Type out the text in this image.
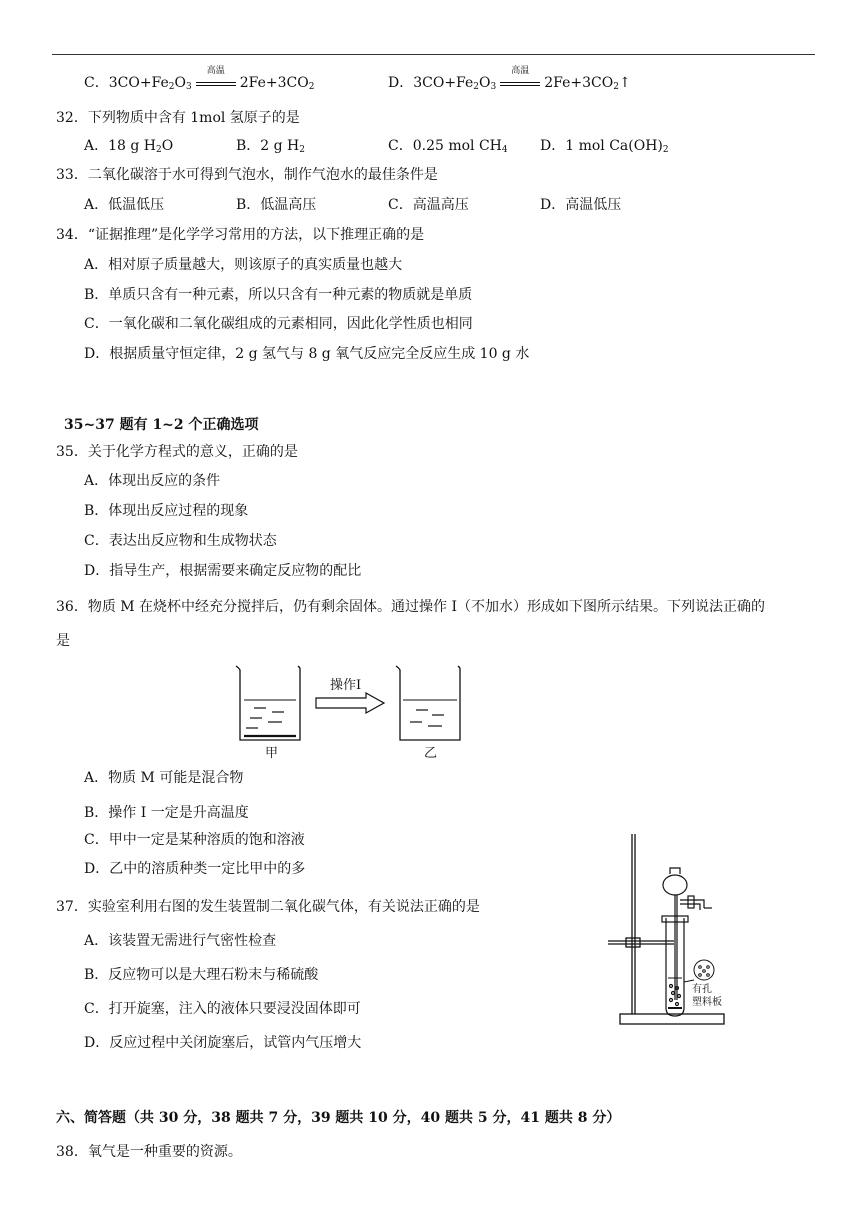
C．$3CO+Fe_2O_3$
高温
$2Fe+3CO_2$	D．$3CO+Fe_2O_3$
高温
$2Fe+3CO_2↑$
32．下列物质中含有 1mol 氢原子的是
A．18 g $H_2O$	B．2 g $H_2$	C．0.25 mol $CH_4$ D．1 mol $Ca(OH)_2$
33．二氧化碳溶于水可得到气泡水，制作气泡水的最佳条件是
A．低温低压	B．低温高压	C．高温高压	D．高温低压
34．“证据推理”是化学学习常用的方法，以下推理正确的是
A．相对原子质量越大，则该原子的真实质量也越大
B．单质只含有一种元素，所以只含有一种元素的物质就是单质
C．一氧化碳和二氧化碳组成的元素相同，因此化学性质也相同
D．根据质量守恒定律，2 g 氢气与 8 g 氧气反应完全反应生成 10 g 水
35~37 题有 1~2 个正确选项
35．关于化学方程式的意义，正确的是
A．体现出反应的条件
B．体现出反应过程的现象
C．表达出反应物和生成物状态
D．指导生产，根据需要来确定反应物的配比
36．物质 M 在烧杯中经充分搅拌后，仍有剩余固体。通过操作 I（不加水）形成如下图所示结果。下列说法正确的
是
操作I
甲	乙
A．物质 M 可能是混合物
B．操作 I 一定是升高温度
C．甲中一定是某种溶质的饱和溶液
D．乙中的溶质种类一定比甲中的多
37．实验室利用右图的发生装置制二氧化碳气体，有关说法正确的是
A．该装置无需进行气密性检查
B．反应物可以是大理石粉末与稀硫酸
C．打开旋塞，注入的液体只要浸没固体即可
D．反应过程中关闭旋塞后，试管内气压增大
有孔
塑料板
六、简答题（共 30 分，38 题共 7 分，39 题共 10 分，40 题共 5 分，41 题共 8 分）
38．氧气是一种重要的资源。
